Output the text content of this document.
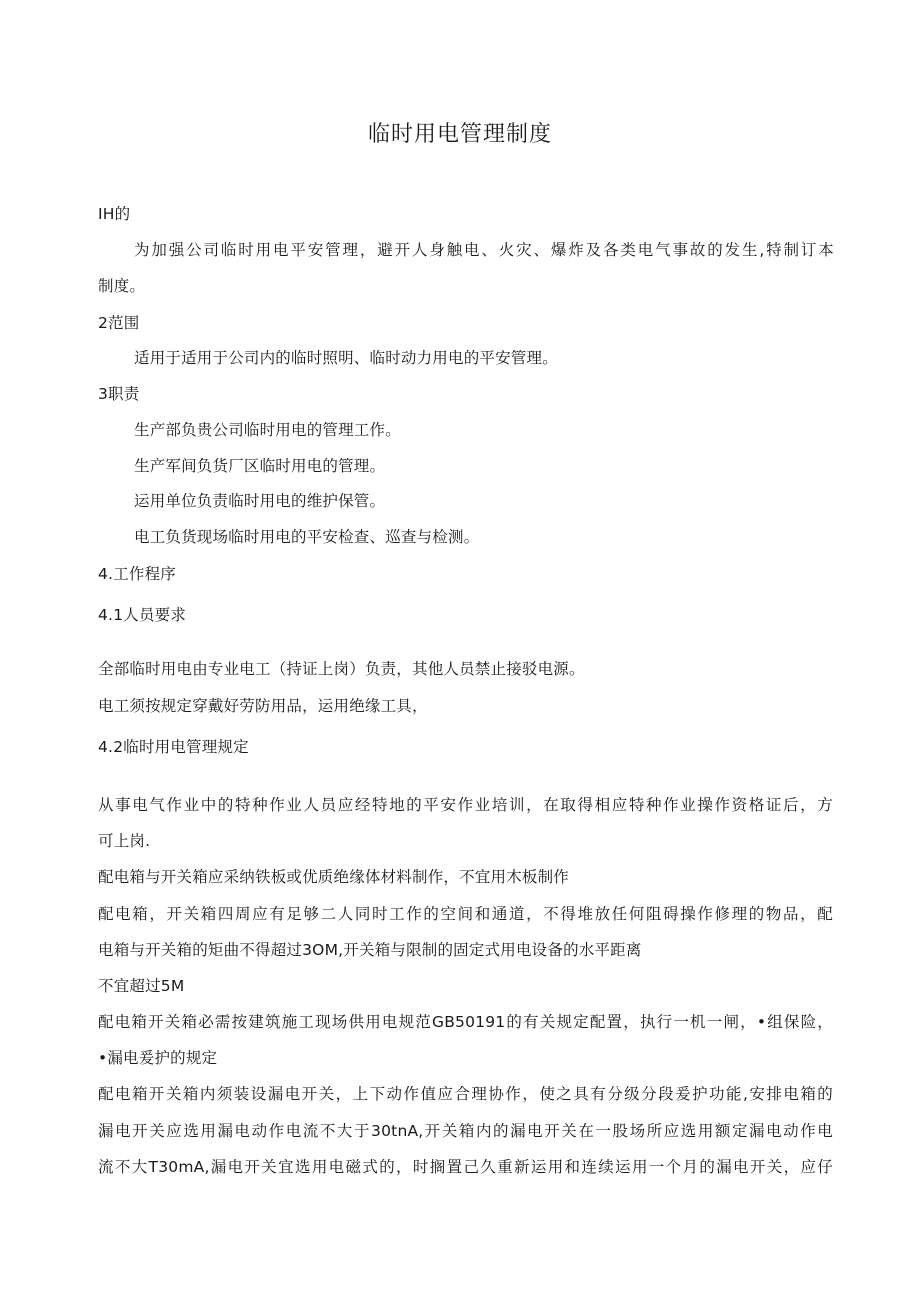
临时用电管理制度
IH的
为加强公司临时用电平安管理，避开人身触电、火灾、爆炸及各类电气事故的发生,特制订本
制度。
2范围
适用于适用于公司内的临时照明、临时动力用电的平安管理。
3职责
生产部负贵公司临时用电的管理工作。
生产军间负货厂区临时用电的管理。
运用单位负责临时用电的维护保管。
电工负货现场临时用电的平安检查、巡查与检测。
4.工作程序
4.1人员要求
全部临时用电由专业电工（持证上岗）负责，其他人员禁止接驳电源。
电工须按规定穿戴好劳防用品，运用绝缘工具，
4.2临时用电管理规定
从事电气作业中的特种作业人员应经特地的平安作业培训，在取得相应特种作业操作资格证后，方
可上岗.
配电箱与开关箱应采纳铁板或优质绝缘体材料制作，不宜用木板制作
配电箱，开关箱四周应有足够二人同时工作的空间和通道，不得堆放任何阻碍操作修理的物品，配
电箱与开关箱的矩曲不得超过3OM,开关箱与限制的固定式用电设备的水平距离
不宜超过5M
配电箱开关箱必需按建筑施工现场供用电规范GB50191的有关规定配置，执行一机一闸，•组保险，
•漏电爰护的规定
配电箱开关箱内须装设漏电开关，上下动作值应合理协作，使之具有分级分段爰护功能,安排电箱的
漏电开关应选用漏电动作电流不大于30tnA,开关箱内的漏电开关在一股场所应选用额定漏电动作电
流不大T30mA,漏电开关宜选用电磁式的，时搁置己久重新运用和连续运用一个月的漏电开关，应仔
